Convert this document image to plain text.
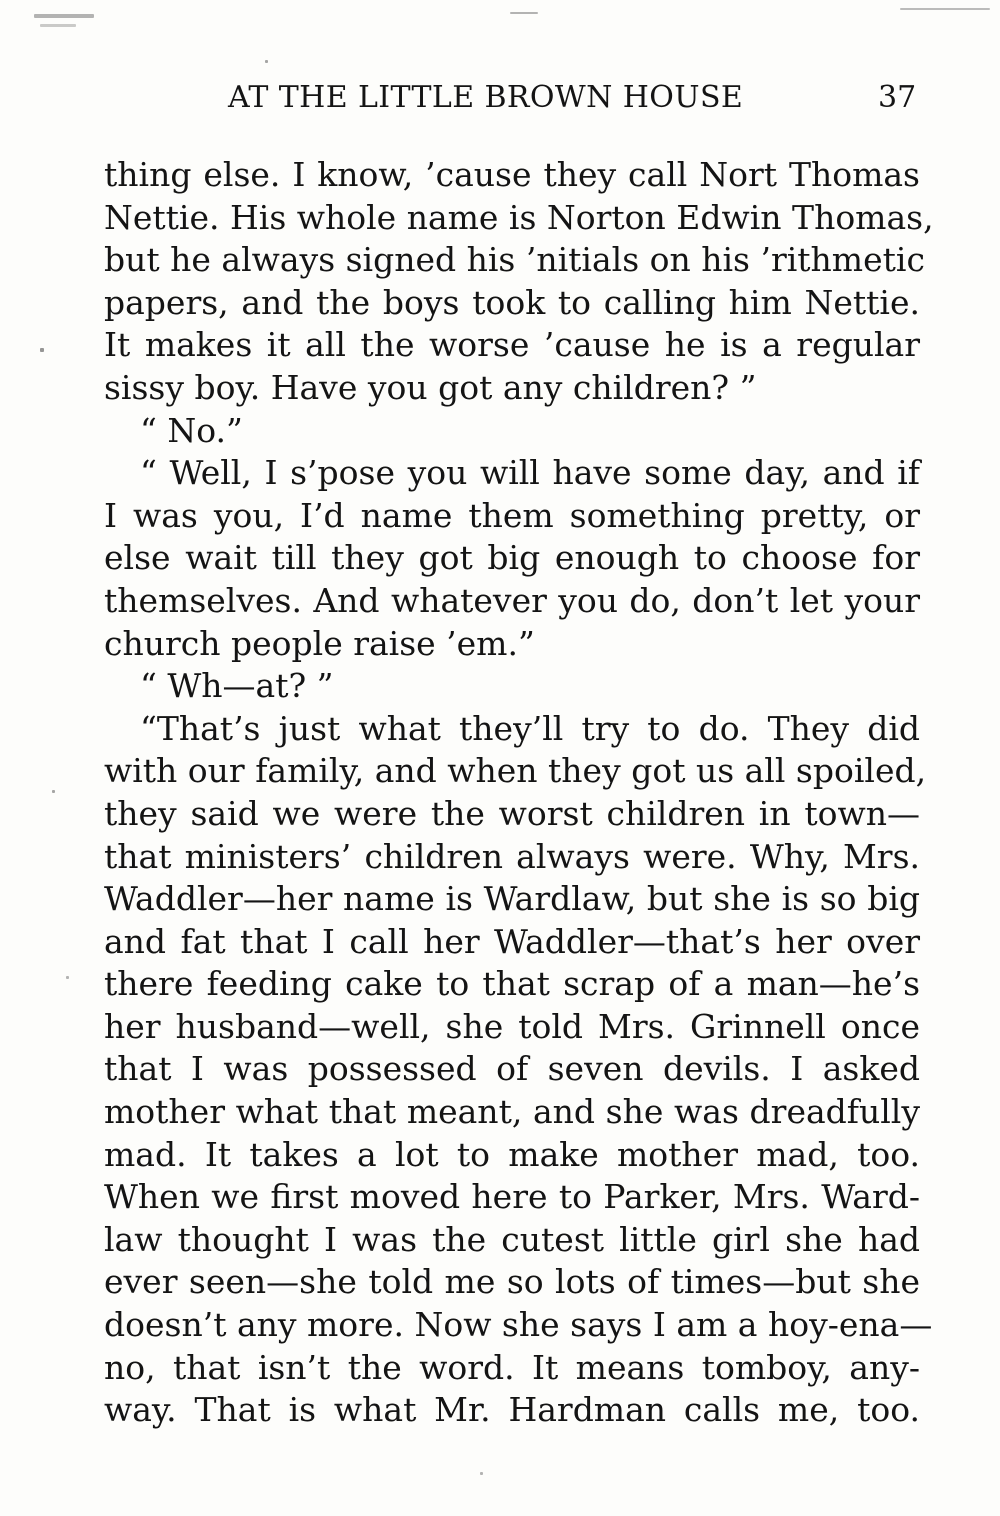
AT THE LITTLE BROWN HOUSE	37
thing else. I know, ’cause they call Nort Thomas
Nettie. His whole name is Norton Edwin Thomas,
but he always signed his ’nitials on his ’rithmetic
papers, and the boys took to calling him Nettie.
It makes it all the worse ’cause he is a regular
sissy boy. Have you got any children? ”
“ No.”
“ Well, I s’pose you will have some day, and if
I was you, I’d name them something pretty, or
else wait till they got big enough to choose for
themselves. And whatever you do, don’t let your
church people raise ’em.”
“ Wh—at? ”
“That’s just what they’ll try to do. They did
with our family, and when they got us all spoiled,
they said we were the worst children in town—
that ministers’ children always were. Why, Mrs.
Waddler—her name is Wardlaw, but she is so big
and fat that I call her Waddler—that’s her over
there feeding cake to that scrap of a man—he’s
her husband—well, she told Mrs. Grinnell once
that I was possessed of seven devils. I asked
mother what that meant, and she was dreadfully
mad. It takes a lot to make mother mad, too.
When we first moved here to Parker, Mrs. Ward-
law thought I was the cutest little girl she had
ever seen—she told me so lots of times—but she
doesn’t any more. Now she says I am a hoy-ena—
no, that isn’t the word. It means tomboy, any-
way. That is what Mr. Hardman calls me, too.
